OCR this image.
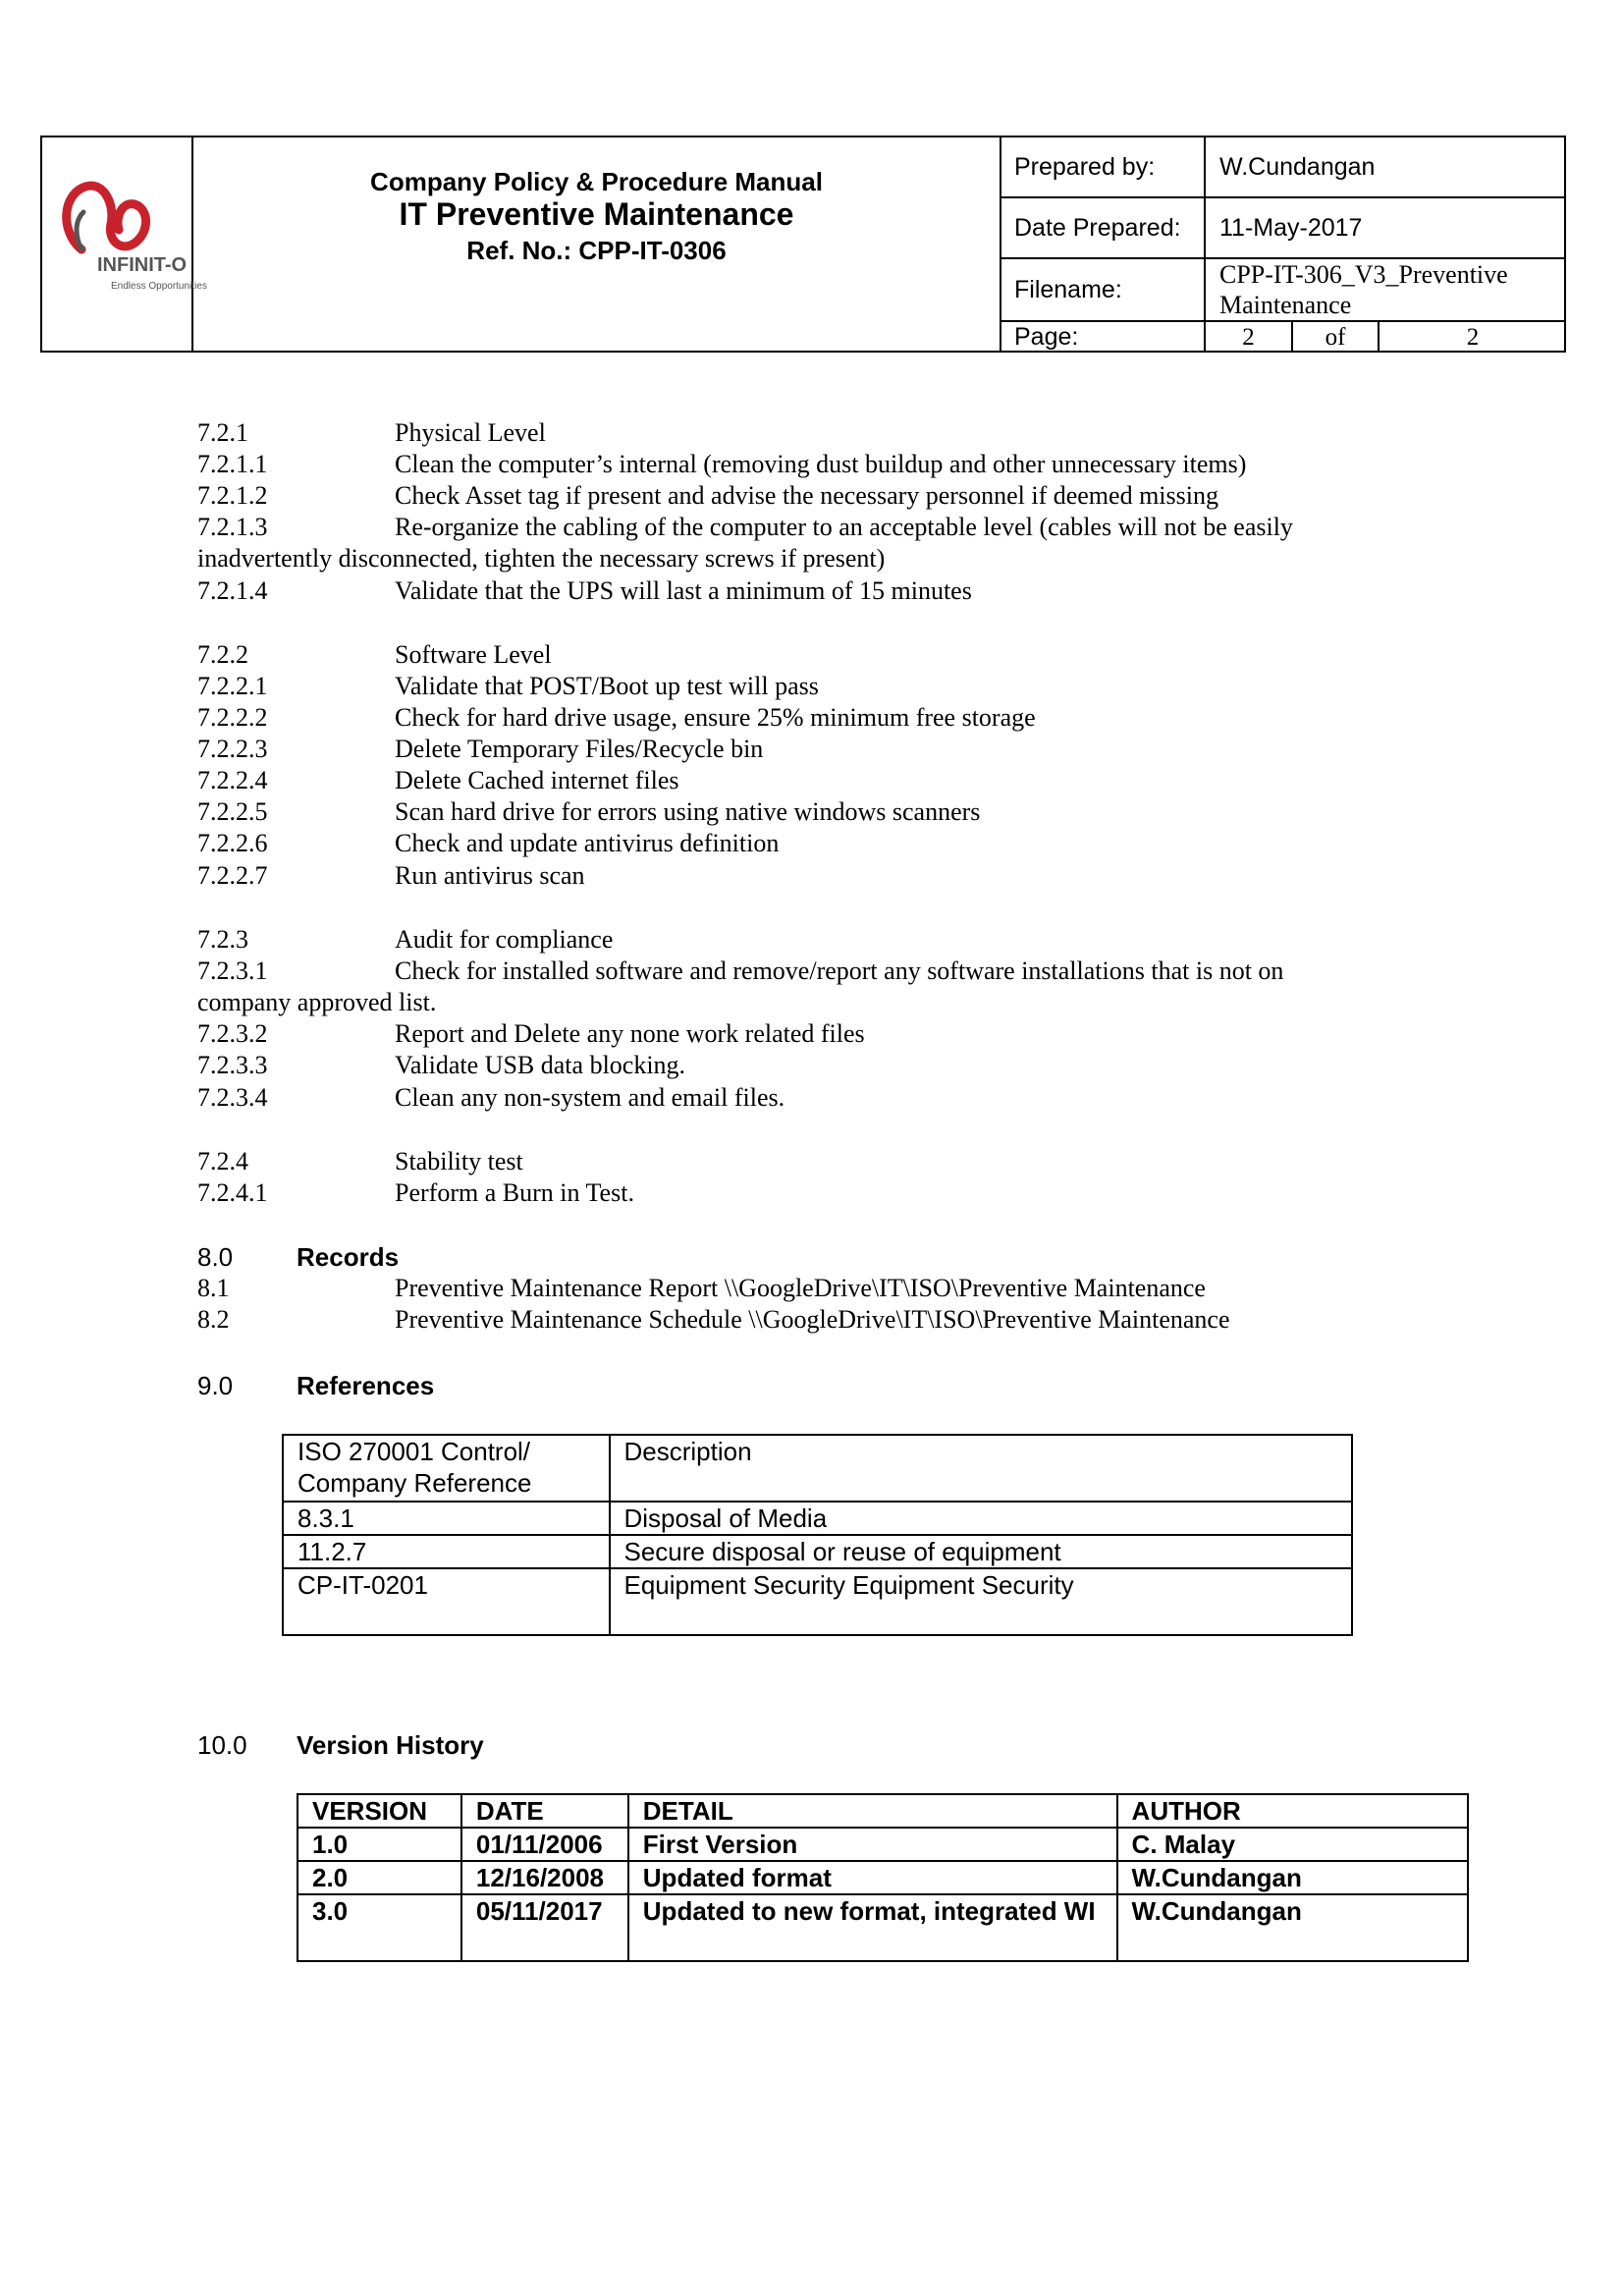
INFINIT-O
Endless Opportunities
Company Policy & Procedure Manual
IT Preventive Maintenance
Ref. No.: CPP-IT-0306
Prepared by:	W.Cundangan
Date Prepared:	11-May-2017
Filename:
CPP-IT-306_V3_Preventive
Maintenance
Page:	2	of	2
7.2.1	Physical Level
7.2.1.1	Clean the computer’s internal (removing dust buildup and other unnecessary items)
7.2.1.2	Check Asset tag if present and advise the necessary personnel if deemed missing
7.2.1.3	Re-organize the cabling of the computer to an acceptable level (cables will not be easily
inadvertently disconnected, tighten the necessary screws if present)
7.2.1.4	Validate that the UPS will last a minimum of 15 minutes
7.2.2	Software Level
7.2.2.1	Validate that POST/Boot up test will pass
7.2.2.2	Check for hard drive usage, ensure 25% minimum free storage
7.2.2.3	Delete Temporary Files/Recycle bin
7.2.2.4	Delete Cached internet files
7.2.2.5	Scan hard drive for errors using native windows scanners
7.2.2.6	Check and update antivirus definition
7.2.2.7	Run antivirus scan
7.2.3	Audit for compliance
7.2.3.1	Check for installed software and remove/report any software installations that is not on
company approved list.
7.2.3.2	Report and Delete any none work related files
7.2.3.3	Validate USB data blocking.
7.2.3.4	Clean any non-system and email files.
7.2.4	Stability test
7.2.4.1	Perform a Burn in Test.
8.0 Records
8.1	Preventive Maintenance Report \\GoogleDrive\IT\ISO\Preventive Maintenance
8.2	Preventive Maintenance Schedule \\GoogleDrive\IT\ISO\Preventive Maintenance
9.0 References
ISO 270001 Control/
Company Reference	Description
8.3.1	Disposal of Media
11.2.7	Secure disposal or reuse of equipment
CP-IT-0201	Equipment Security Equipment Security
10.0 Version History
VERSION	DATE	DETAIL	AUTHOR
1.0	01/11/2006	First Version	C. Malay
2.0	12/16/2008	Updated format	W.Cundangan
3.0	05/11/2017	Updated to new format, integrated WI	W.Cundangan
